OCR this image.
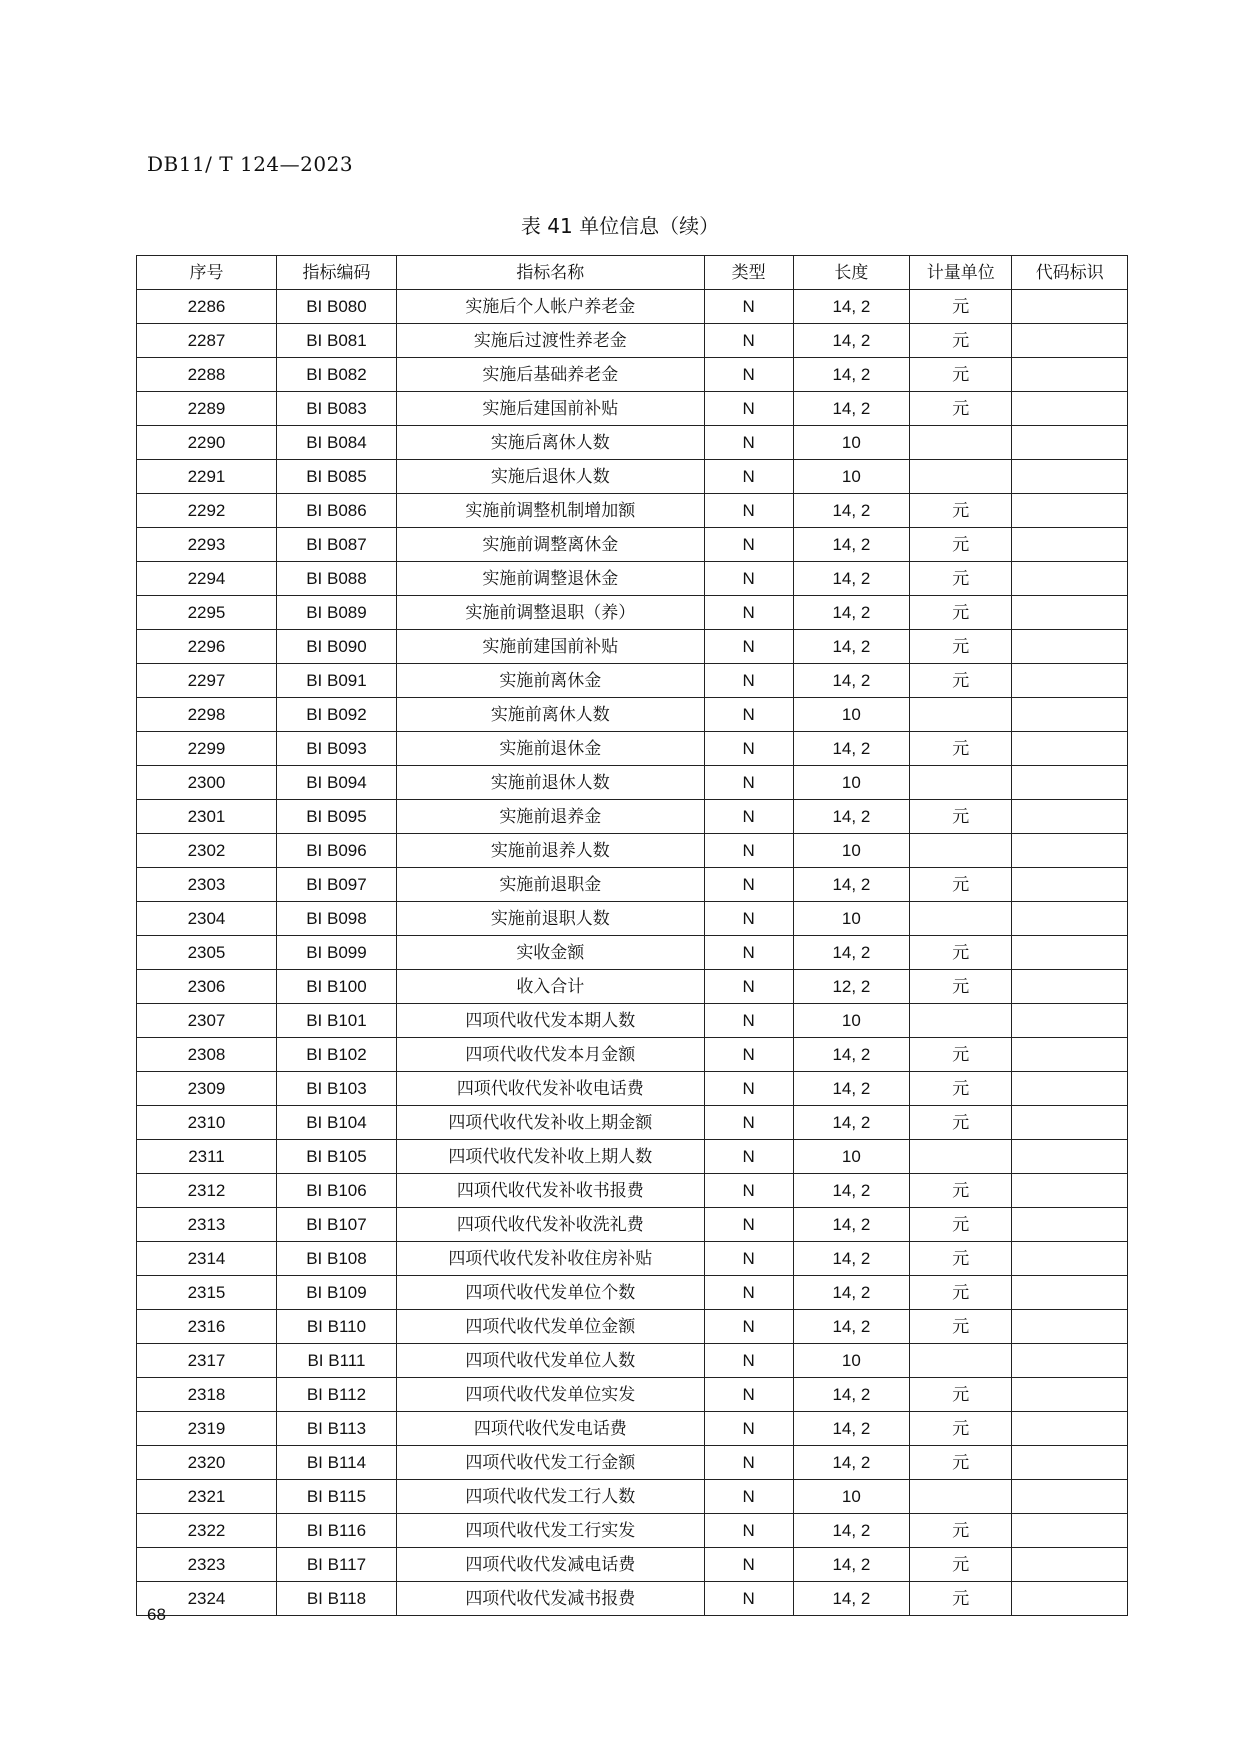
DB11/ T 124—2023
表 41 单位信息（续）
序号	指标编码	指标名称	类型	长度	计量单位	代码标识
2286	BI B080	实施后个人帐户养老金	N	14, 2	元	
2287	BI B081	实施后过渡性养老金	N	14, 2	元	
2288	BI B082	实施后基础养老金	N	14, 2	元	
2289	BI B083	实施后建国前补贴	N	14, 2	元	
2290	BI B084	实施后离休人数	N	10		
2291	BI B085	实施后退休人数	N	10		
2292	BI B086	实施前调整机制增加额	N	14, 2	元	
2293	BI B087	实施前调整离休金	N	14, 2	元	
2294	BI B088	实施前调整退休金	N	14, 2	元	
2295	BI B089	实施前调整退职（养）	N	14, 2	元	
2296	BI B090	实施前建国前补贴	N	14, 2	元	
2297	BI B091	实施前离休金	N	14, 2	元	
2298	BI B092	实施前离休人数	N	10		
2299	BI B093	实施前退休金	N	14, 2	元	
2300	BI B094	实施前退休人数	N	10		
2301	BI B095	实施前退养金	N	14, 2	元	
2302	BI B096	实施前退养人数	N	10		
2303	BI B097	实施前退职金	N	14, 2	元	
2304	BI B098	实施前退职人数	N	10		
2305	BI B099	实收金额	N	14, 2	元	
2306	BI B100	收入合计	N	12, 2	元	
2307	BI B101	四项代收代发本期人数	N	10		
2308	BI B102	四项代收代发本月金额	N	14, 2	元	
2309	BI B103	四项代收代发补收电话费	N	14, 2	元	
2310	BI B104	四项代收代发补收上期金额	N	14, 2	元	
2311	BI B105	四项代收代发补收上期人数	N	10		
2312	BI B106	四项代收代发补收书报费	N	14, 2	元	
2313	BI B107	四项代收代发补收洗礼费	N	14, 2	元	
2314	BI B108	四项代收代发补收住房补贴	N	14, 2	元	
2315	BI B109	四项代收代发单位个数	N	14, 2	元	
2316	BI B110	四项代收代发单位金额	N	14, 2	元	
2317	BI B111	四项代收代发单位人数	N	10		
2318	BI B112	四项代收代发单位实发	N	14, 2	元	
2319	BI B113	四项代收代发电话费	N	14, 2	元	
2320	BI B114	四项代收代发工行金额	N	14, 2	元	
2321	BI B115	四项代收代发工行人数	N	10		
2322	BI B116	四项代收代发工行实发	N	14, 2	元	
2323	BI B117	四项代收代发减电话费	N	14, 2	元	
2324	BI B118	四项代收代发减书报费	N	14, 2	元	
68
